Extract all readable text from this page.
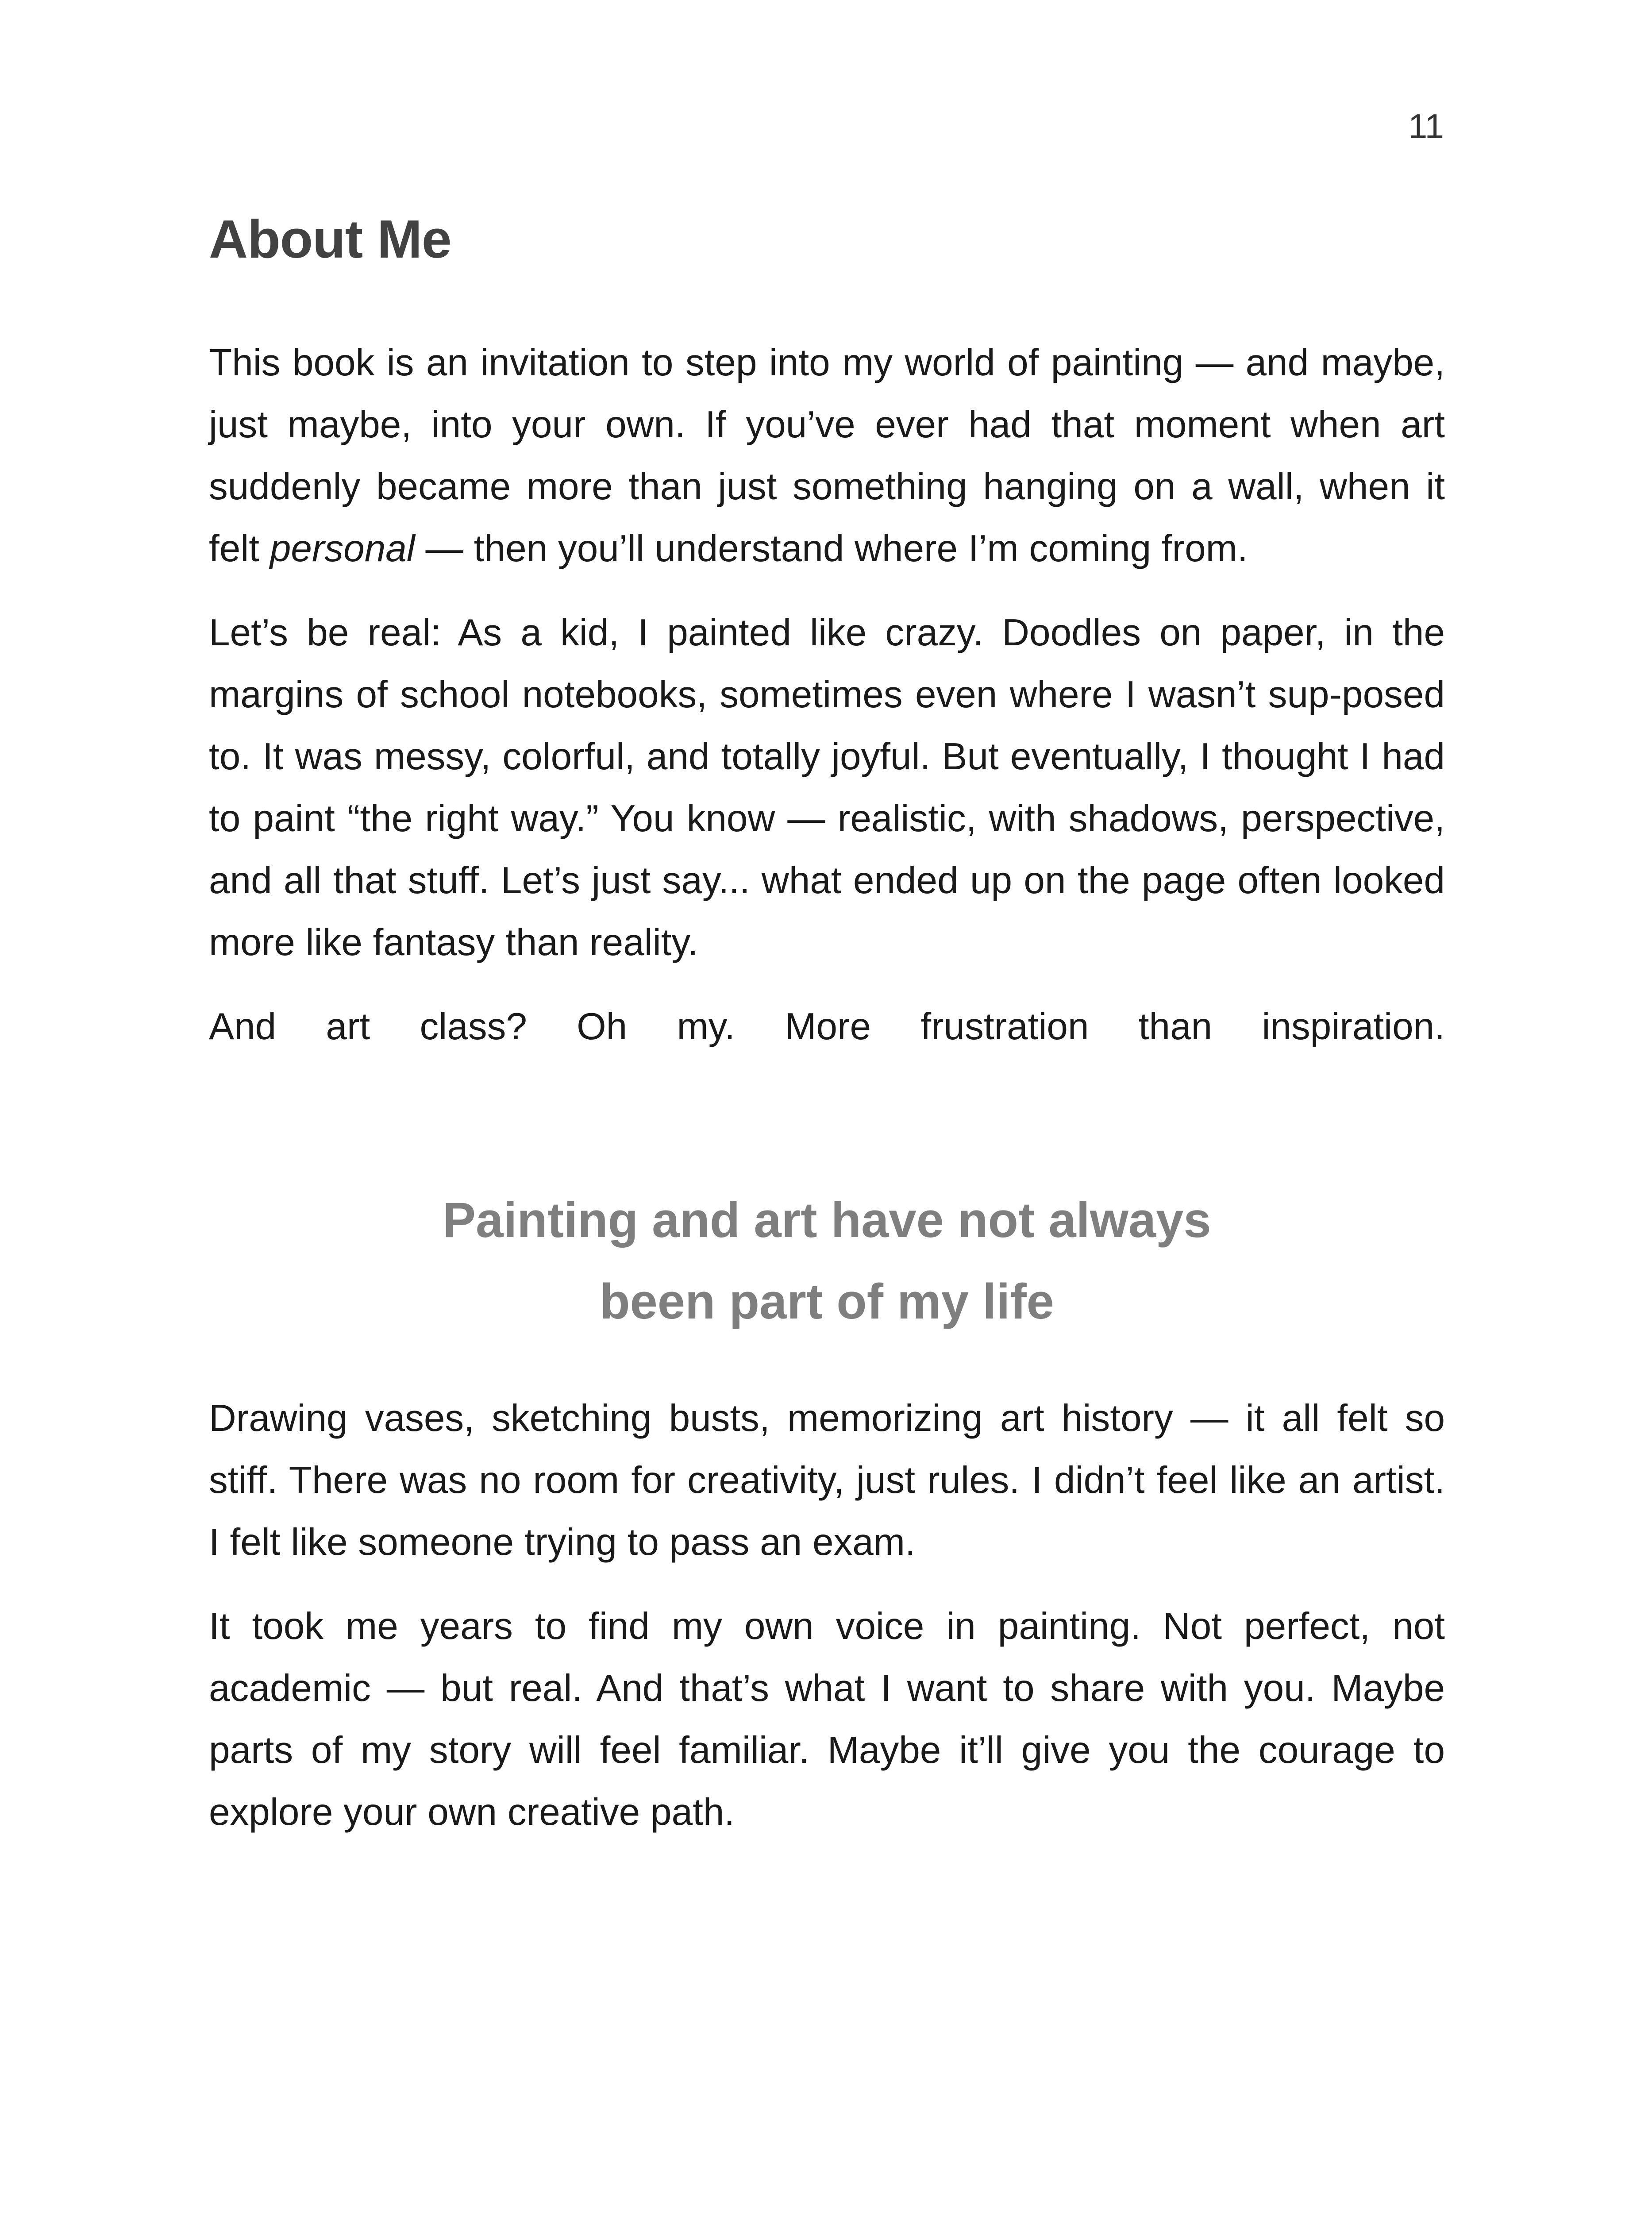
11

About Me

This book is an invitation to step into my world of painting — and maybe, just maybe, into your own. If you’ve ever had that moment when art suddenly became more than just something hanging on a wall, when it felt personal — then you’ll understand where I’m coming from.

Let’s be real: As a kid, I painted like crazy. Doodles on paper, in the margins of school notebooks, sometimes even where I wasn’t sup-posed to. It was messy, colorful, and totally joyful. But eventually, I thought I had to paint “the right way.” You know — realistic, with shadows, perspective, and all that stuff. Let’s just say... what ended up on the page often looked more like fantasy than reality.

And art class? Oh my. More frustration than inspiration.

Painting and art have not always
been part of my life

Drawing vases, sketching busts, memorizing art history — it all felt so stiff. There was no room for creativity, just rules. I didn’t feel like an artist. I felt like someone trying to pass an exam.

It took me years to find my own voice in painting. Not perfect, not academic — but real. And that’s what I want to share with you. Maybe parts of my story will feel familiar. Maybe it’ll give you the courage to explore your own creative path.
